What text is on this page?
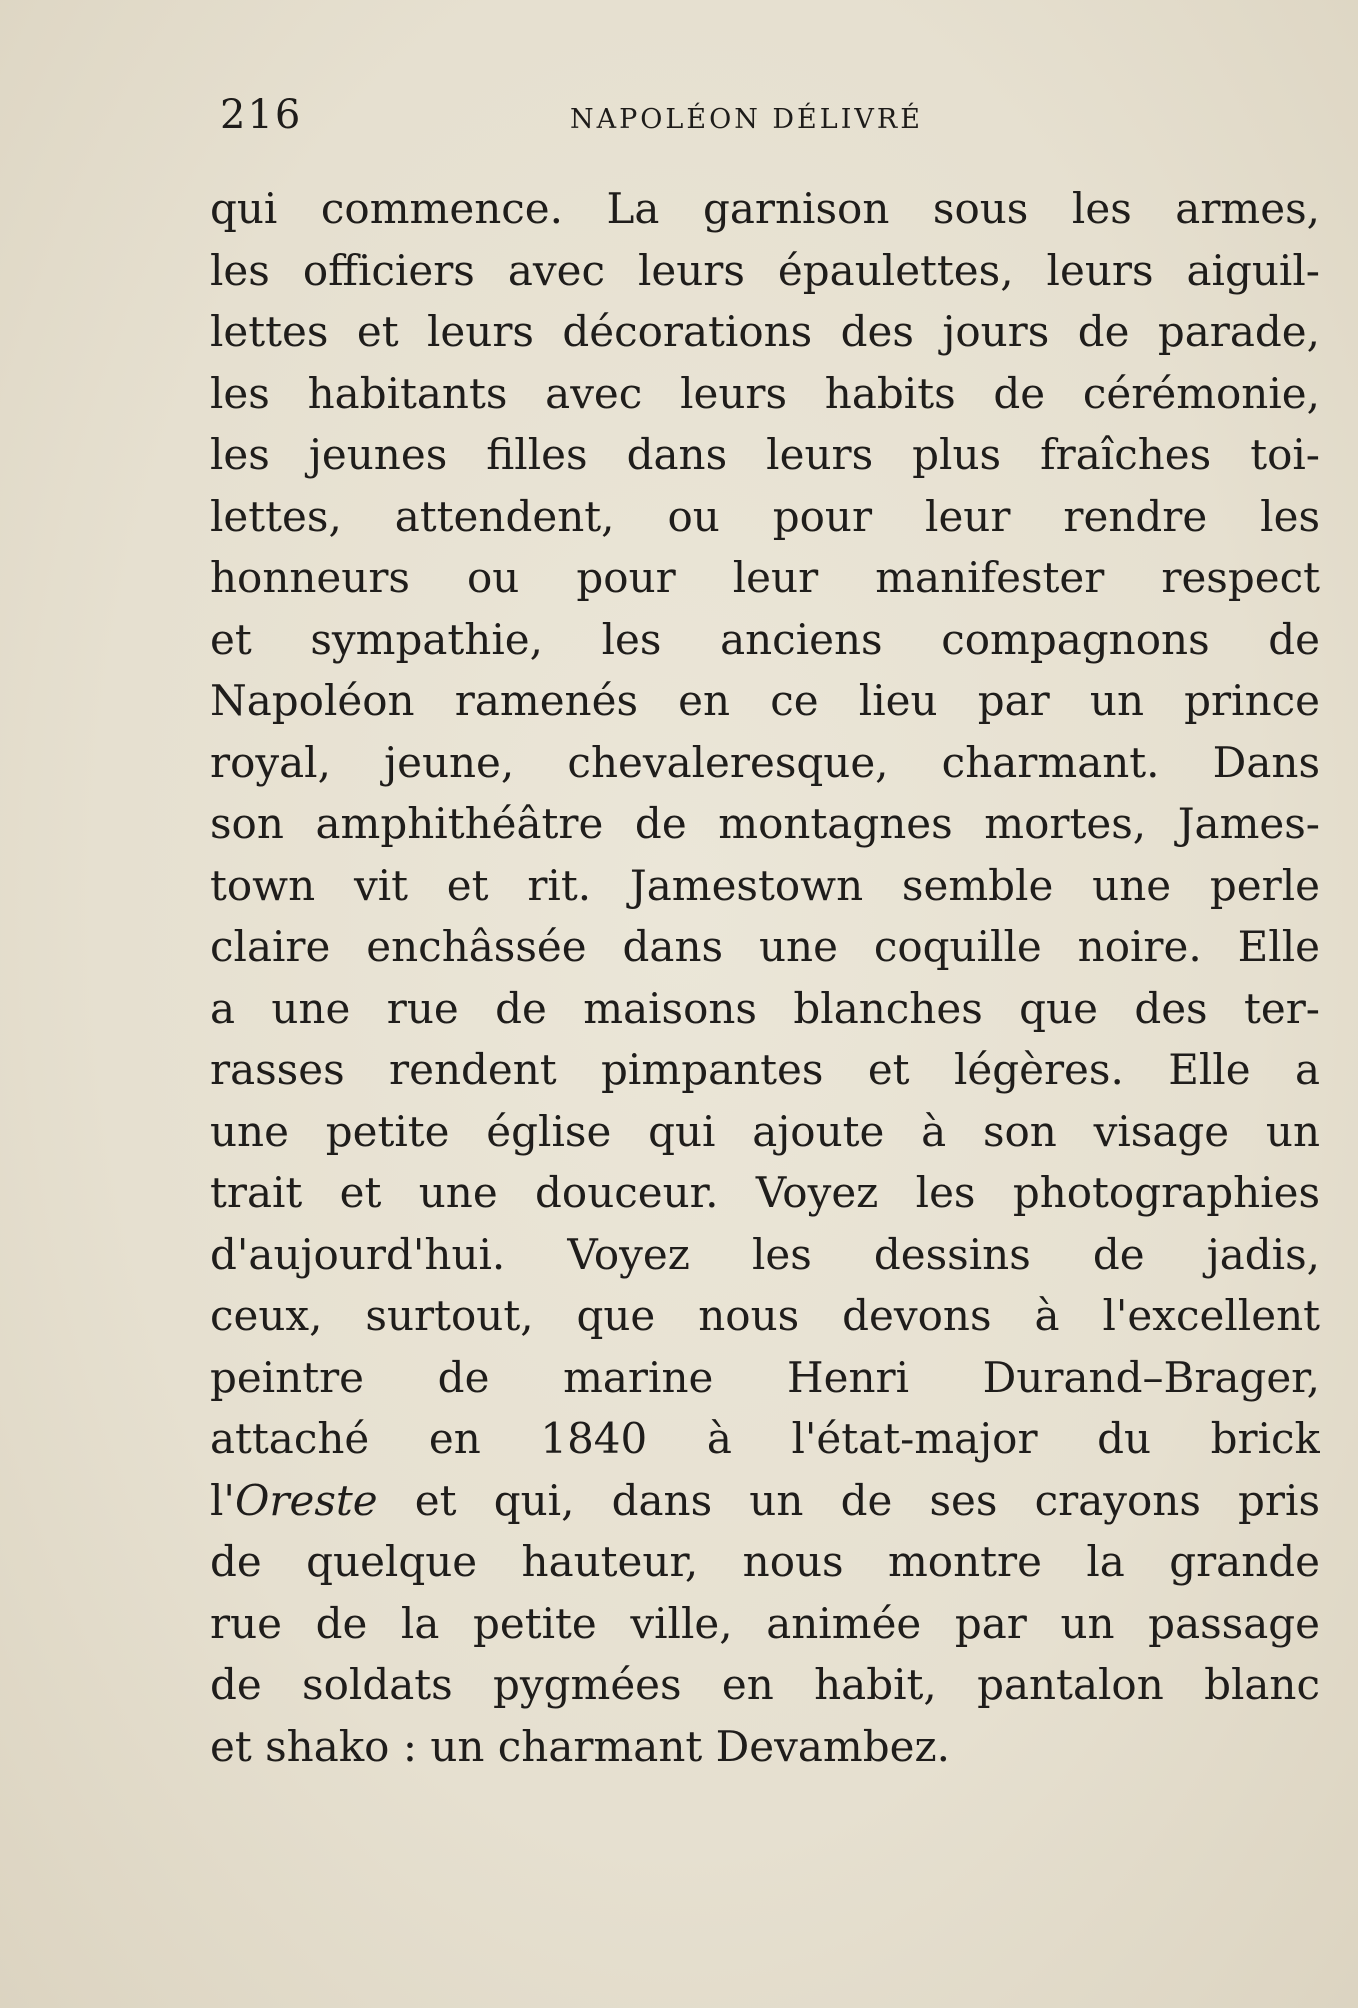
216	NAPOLÉON DÉLIVRÉ
qui commence. La garnison sous les armes,
les officiers avec leurs épaulettes, leurs aiguil-
lettes et leurs décorations des jours de parade,
les habitants avec leurs habits de cérémonie,
les jeunes filles dans leurs plus fraîches toi-
lettes, attendent, ou pour leur rendre les
honneurs ou pour leur manifester respect
et sympathie, les anciens compagnons de
Napoléon ramenés en ce lieu par un prince
royal, jeune, chevaleresque, charmant. Dans
son amphithéâtre de montagnes mortes, James-
town vit et rit. Jamestown semble une perle
claire enchâssée dans une coquille noire. Elle
a une rue de maisons blanches que des ter-
rasses rendent pimpantes et légères. Elle a
une petite église qui ajoute à son visage un
trait et une douceur. Voyez les photographies
d'aujourd'hui. Voyez les dessins de jadis,
ceux, surtout, que nous devons à l'excellent
peintre de marine Henri Durand–Brager,
attaché en 1840 à l'état-major du brick
l'Oreste et qui, dans un de ses crayons pris
de quelque hauteur, nous montre la grande
rue de la petite ville, animée par un passage
de soldats pygmées en habit, pantalon blanc
et shako : un charmant Devambez.
